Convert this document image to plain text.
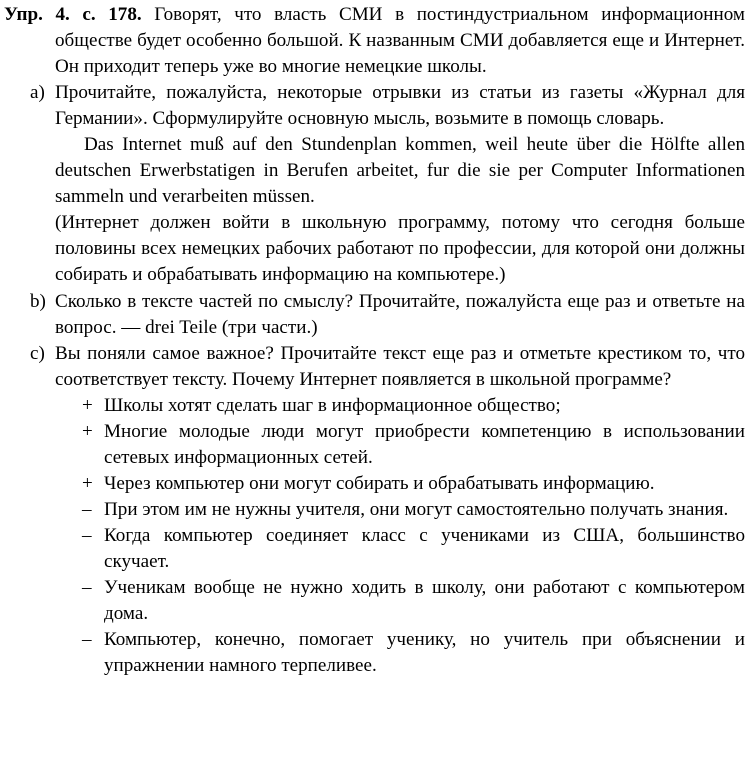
Упр. 4. с. 178. Говорят, что власть СМИ в постиндустриальном информационном обществе будет особенно большой. К названным СМИ добавляется еще и Интернет. Он приходит теперь уже во многие немецкие школы.

a) Прочитайте, пожалуйста, некоторые отрывки из статьи из газеты «Журнал для Германии». Сформулируйте основную мысль, возьмите в помощь словарь.

Das Internet muß auf den Stundenplan kommen, weil heute über die Hölfte allen deutschen Erwerbstatigen in Berufen arbeitet, fur die sie per Computer Informationen sammeln und verarbeiten müssen.

(Интернет должен войти в школьную программу, потому что сегодня больше половины всех немецких рабочих работают по профессии, для которой они должны собирать и обрабатывать информацию на компьютере.)

b) Сколько в тексте частей по смыслу? Прочитайте, пожалуйста еще раз и ответьте на вопрос. — drei Teile (три части.)

c) Вы поняли самое важное? Прочитайте текст еще раз и отметьте крестиком то, что соответствует тексту. Почему Интернет появляется в школьной программе?

+ Школы хотят сделать шаг в информационное общество;
+ Многие молодые люди могут приобрести компетенцию в использовании сетевых информационных сетей.
+ Через компьютер они могут собирать и обрабатывать информацию.
– При этом им не нужны учителя, они могут самостоятельно получать знания.
– Когда компьютер соединяет класс с учениками из США, большинство скучает.
– Ученикам вообще не нужно ходить в школу, они работают с компьютером дома.
– Компьютер, конечно, помогает ученику, но учитель при объяснении и упражнении намного терпеливее.
